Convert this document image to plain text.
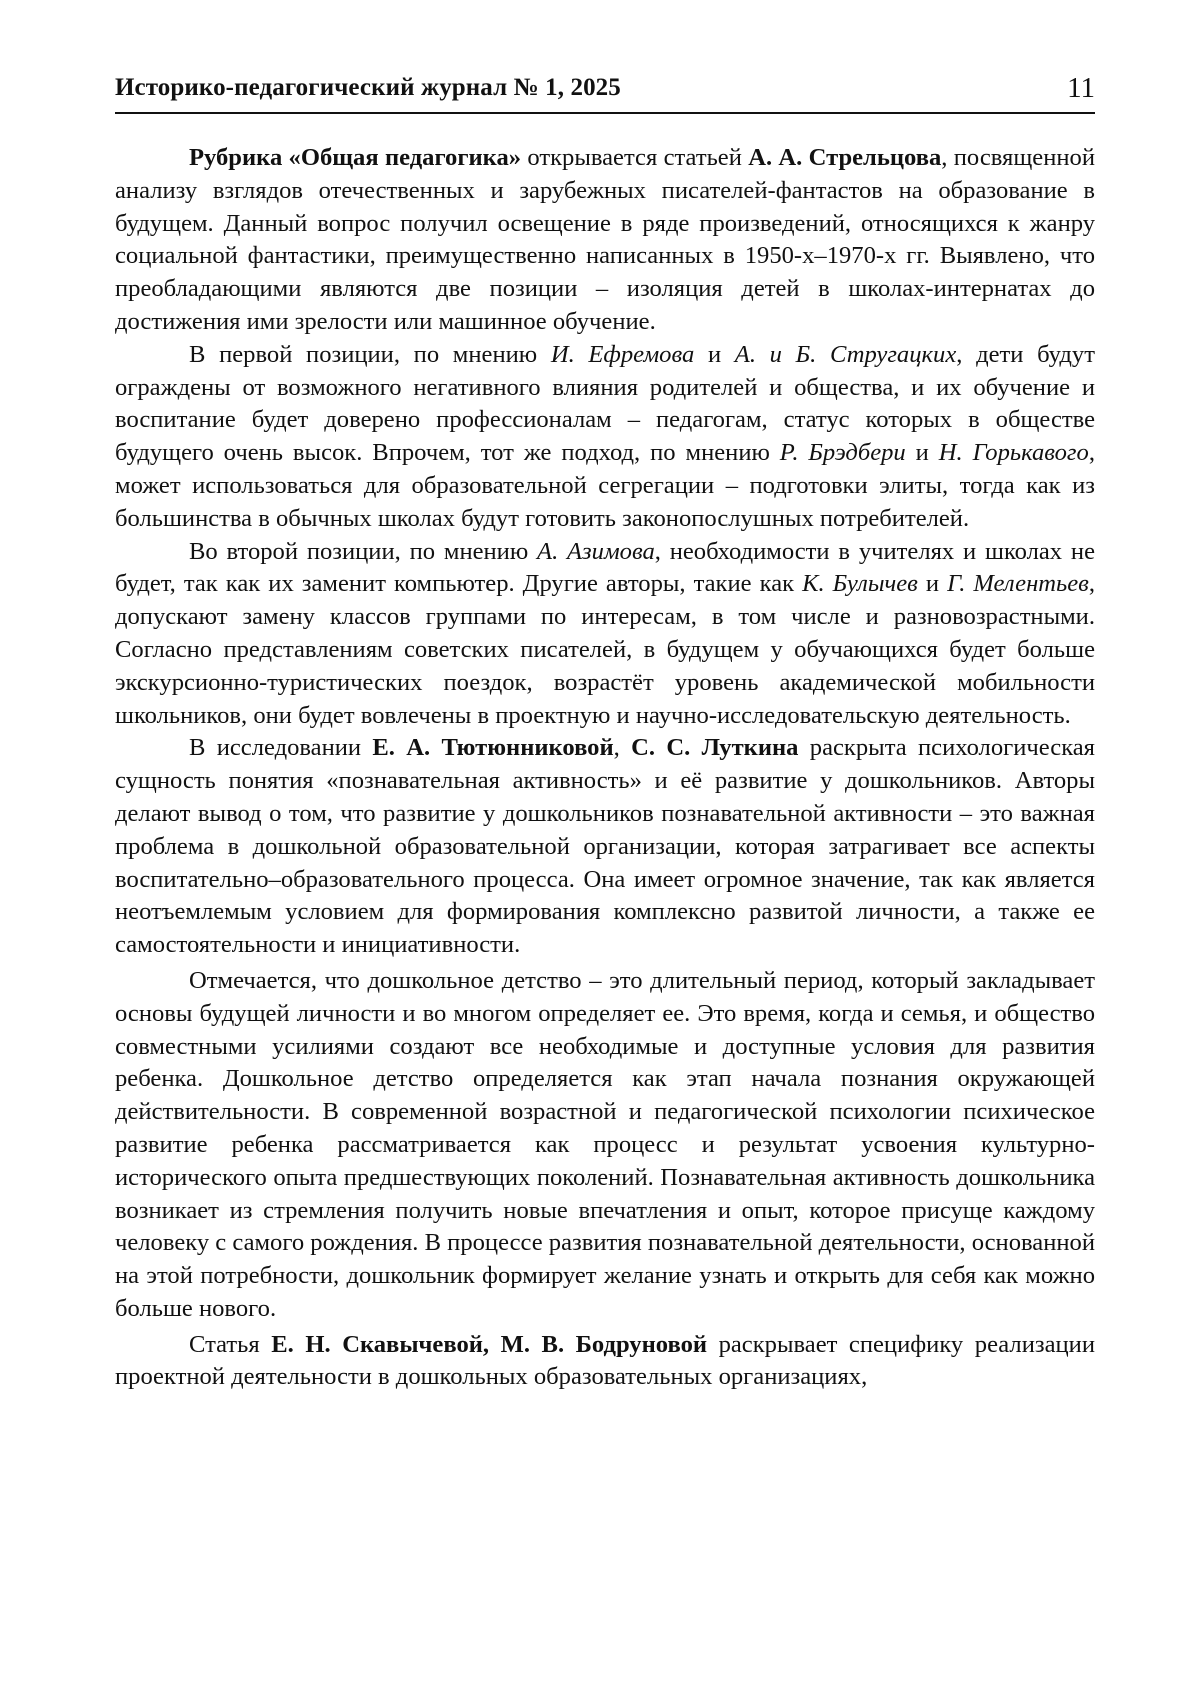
Историко-педагогический журнал № 1, 2025	11

Рубрика «Общая педагогика» открывается статьей А. А. Стрельцова, посвященной анализу взглядов отечественных и зарубежных писателей-фантастов на образование в будущем. Данный вопрос получил освещение в ряде произведений, относящихся к жанру социальной фантастики, преимущественно написанных в 1950-х–1970-х гг. Выявлено, что преобладающими являются две позиции – изоляция детей в школах-интернатах до достижения ими зрелости или машинное обучение.

В первой позиции, по мнению И. Ефремова и А. и Б. Стругацких, дети будут ограждены от возможного негативного влияния родителей и общества, и их обучение и воспитание будет доверено профессионалам – педагогам, статус которых в обществе будущего очень высок. Впрочем, тот же подход, по мнению Р. Брэдбери и Н. Горькавого, может использоваться для образовательной сегрегации – подготовки элиты, тогда как из большинства в обычных школах будут готовить законопослушных потребителей.

Во второй позиции, по мнению А. Азимова, необходимости в учителях и школах не будет, так как их заменит компьютер. Другие авторы, такие как К. Булычев и Г. Мелентьев, допускают замену классов группами по интересам, в том числе и разновозрастными. Согласно представлениям советских писателей, в будущем у обучающихся будет больше экскурсионно-туристических поездок, возрастёт уровень академической мобильности школьников, они будет вовлечены в проектную и научно-исследовательскую деятельность.

В исследовании Е. А. Тютюнниковой, С. С. Луткина раскрыта психологическая сущность понятия «познавательная активность» и её развитие у дошкольников. Авторы делают вывод о том, что развитие у дошкольников познавательной активности – это важная проблема в дошкольной образовательной организации, которая затрагивает все аспекты воспитательно–образовательного процесса. Она имеет огромное значение, так как является неотъемлемым условием для формирования комплексно развитой личности, а также ее самостоятельности и инициативности.

Отмечается, что дошкольное детство – это длительный период, который закладывает основы будущей личности и во многом определяет ее. Это время, когда и семья, и общество совместными усилиями создают все необходимые и доступные условия для развития ребенка. Дошкольное детство определяется как этап начала познания окружающей действительности. В современной возрастной и педагогической психологии психическое развитие ребенка рассматривается как процесс и результат усвоения культурно-исторического опыта предшествующих поколений. Познавательная активность дошкольника возникает из стремления получить новые впечатления и опыт, которое присуще каждому человеку с самого рождения. В процессе развития познавательной деятельности, основанной на этой потребности, дошкольник формирует желание узнать и открыть для себя как можно больше нового.

Статья Е. Н. Скавычевой, М. В. Бодруновой раскрывает специфику реализации проектной деятельности в дошкольных образовательных организациях,
